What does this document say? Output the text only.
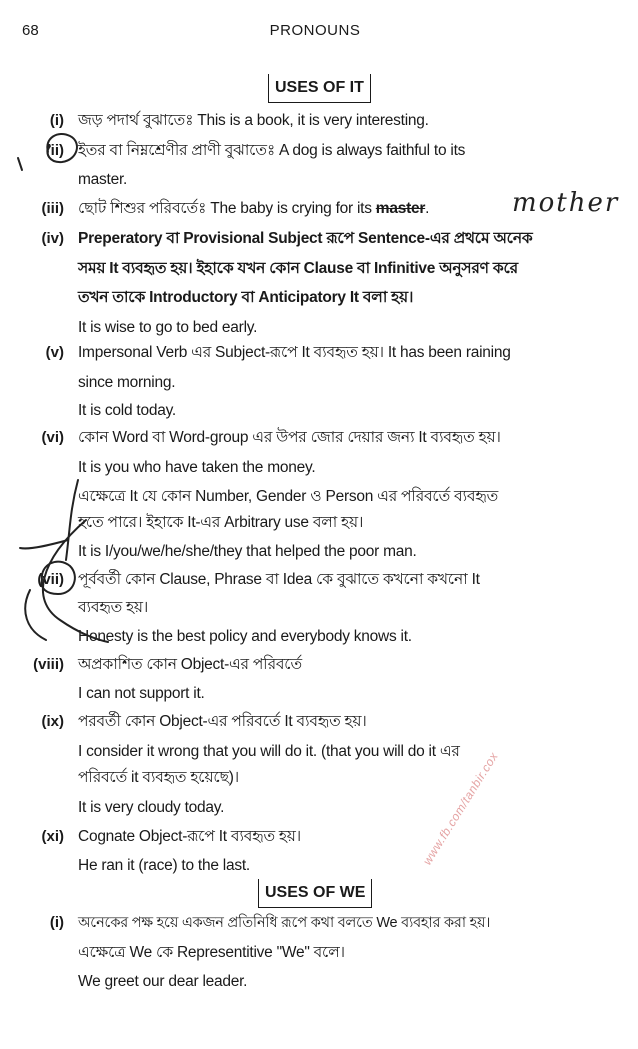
68	PRONOUNS
USES OF IT
(i) জড় পদার্থ বুঝাতেঃ This is a book, it is very interesting.
(ii) ইতর বা নিম্নশ্রেণীর প্রাণী বুঝাতেঃ A dog is always faithful to its
master.
(iii) ছোট শিশুর পরিবর্তেঃ The baby is crying for its master.
(iv) Preperatory বা Provisional Subject রূপে Sentence-এর প্রথমে অনেক
সময় It ব্যবহৃত হয়। ইহাকে যখন কোন Clause বা Infinitive অনুসরণ করে
তখন তাকে Introductory বা Anticipatory It বলা হয়।
It is wise to go to bed early.
(v) Impersonal Verb এর Subject-রূপে It ব্যবহৃত হয়। It has been raining
since morning.
It is cold today.
(vi) কোন Word বা Word-group এর উপর জোর দেয়ার জন্য It ব্যবহৃত হয়।
It is you who have taken the money.
এক্ষেত্রে It যে কোন Number, Gender ও Person এর পরিবর্তে ব্যবহৃত
হতে পারে। ইহাকে It-এর Arbitrary use বলা হয়।
It is I/you/we/he/she/they that helped the poor man.
(vii) পূর্ববর্তী কোন Clause, Phrase বা Idea কে বুঝাতে কখনো কখনো It
ব্যবহৃত হয়।
Honesty is the best policy and everybody knows it.
(viii) অপ্রকাশিত কোন Object-এর পরিবর্তে
I can not support it.
(ix) পরবর্তী কোন Object-এর পরিবর্তে It ব্যবহৃত হয়।
I consider it wrong that you will do it. (that you will do it এর
পরিবর্তে it ব্যবহৃত হয়েছে)।
It is very cloudy today.
(xi) Cognate Object-রূপে It ব্যবহৃত হয়।
He ran it (race) to the last.
USES OF WE
(i) অনেকের পক্ষ হয়ে একজন প্রতিনিধি রূপে কথা বলতে We ব্যবহার করা হয়।
এক্ষেত্রে We কে Representitive "We" বলে।
We greet our dear leader.
mother
www.fb.com/tanbir.cox
